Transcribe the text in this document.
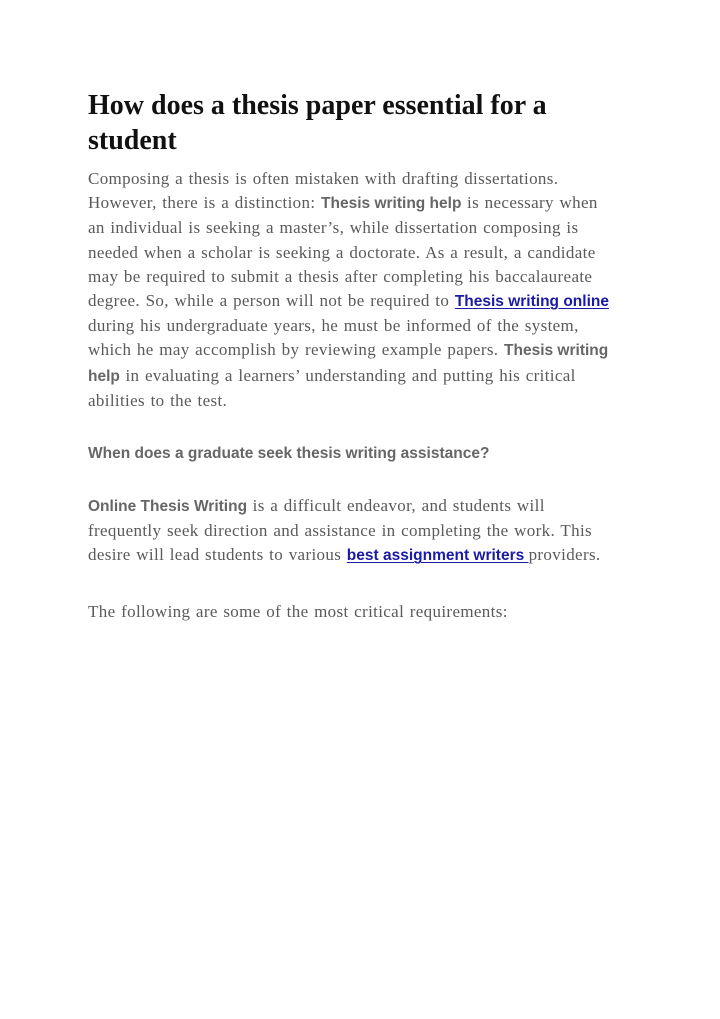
How does a thesis paper essential for a student

Composing a thesis is often mistaken with drafting dissertations. However, there is a distinction: Thesis writing help is necessary when an individual is seeking a master’s, while dissertation composing is needed when a scholar is seeking a doctorate. As a result, a candidate may be required to submit a thesis after completing his baccalaureate degree. So, while a person will not be required to Thesis writing online during his undergraduate years, he must be informed of the system, which he may accomplish by reviewing example papers. Thesis writing help in evaluating a learners’ understanding and putting his critical abilities to the test.

When does a graduate seek thesis writing assistance?

Online Thesis Writing is a difficult endeavor, and students will frequently seek direction and assistance in completing the work. This desire will lead students to various best assignment writers providers.

The following are some of the most critical requirements:
